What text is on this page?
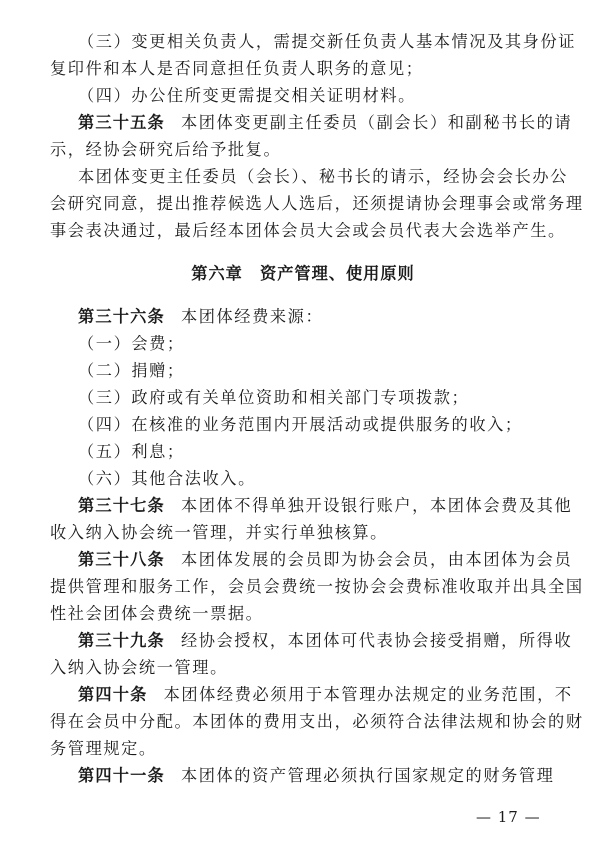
（三）变更相关负责人，需提交新任负责人基本情况及其身份证

复印件和本人是否同意担任负责人职务的意见；

（四）办公住所变更需提交相关证明材料。

第三十五条 本团体变更副主任委员（副会长）和副秘书长的请

示，经协会研究后给予批复。

本团体变更主任委员（会长）、秘书长的请示，经协会会长办公

会研究同意，提出推荐候选人人选后，还须提请协会理事会或常务理

事会表决通过，最后经本团体会员大会或会员代表大会选举产生。

第六章　资产管理、使用原则

第三十六条 本团体经费来源：

（一）会费；

（二）捐赠；

（三）政府或有关单位资助和相关部门专项拨款；

（四）在核准的业务范围内开展活动或提供服务的收入；

（五）利息；

（六）其他合法收入。

第三十七条 本团体不得单独开设银行账户，本团体会费及其他

收入纳入协会统一管理，并实行单独核算。

第三十八条 本团体发展的会员即为协会会员，由本团体为会员

提供管理和服务工作，会员会费统一按协会会费标准收取并出具全国

性社会团体会费统一票据。

第三十九条 经协会授权，本团体可代表协会接受捐赠，所得收

入纳入协会统一管理。

第四十条 本团体经费必须用于本管理办法规定的业务范围，不

得在会员中分配。本团体的费用支出，必须符合法律法规和协会的财

务管理规定。

第四十一条 本团体的资产管理必须执行国家规定的财务管理

— 17 —
